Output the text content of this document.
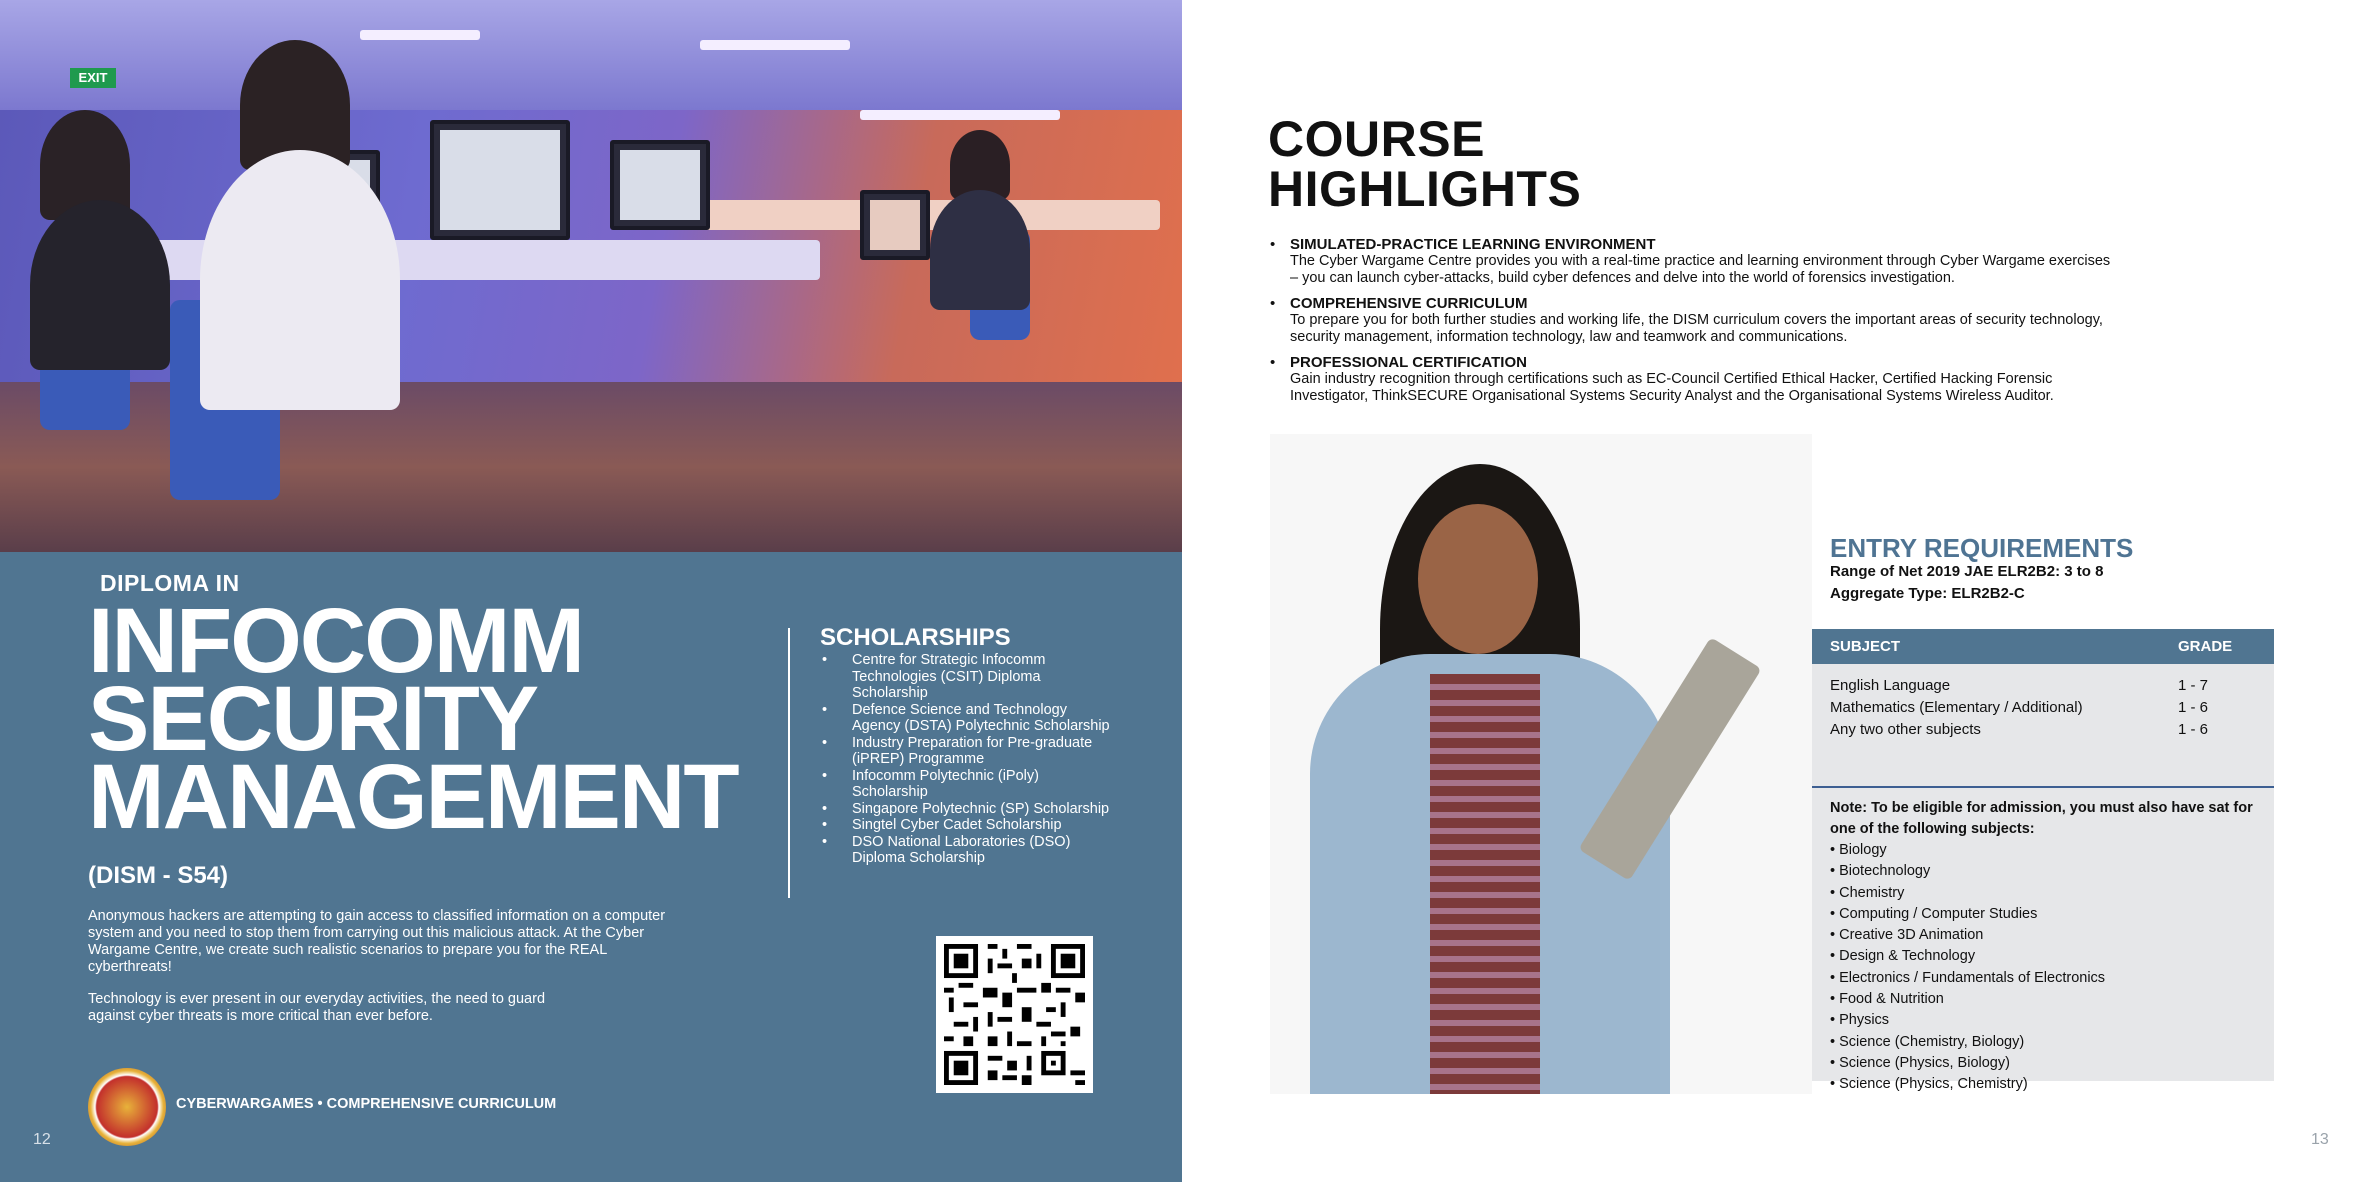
EXIT
DIPLOMA IN
INFOCOMM
SECURITY
MANAGEMENT
(DISM - S54)

Anonymous hackers are attempting to gain access to classified information on a computer system and you need to stop them from carrying out this malicious attack. At the Cyber Wargame Centre, we create such realistic scenarios to prepare you for the REAL cyberthreats!

Technology is ever present in our everyday activities, the need to guard against cyber threats is more critical than ever before.

SCHOLARSHIPS
• Centre for Strategic Infocomm Technologies (CSIT) Diploma Scholarship
• Defence Science and Technology Agency (DSTA) Polytechnic Scholarship
• Industry Preparation for Pre-graduate (iPREP) Programme
• Infocomm Polytechnic (iPoly) Scholarship
• Singapore Polytechnic (SP) Scholarship
• Singtel Cyber Cadet Scholarship
• DSO National Laboratories (DSO) Diploma Scholarship
CYBERWARGAMES • COMPREHENSIVE CURRICULUM
12
COURSE
HIGHLIGHTS
• SIMULATED-PRACTICE LEARNING ENVIRONMENT
The Cyber Wargame Centre provides you with a real-time practice and learning environment through Cyber Wargame exercises – you can launch cyber-attacks, build cyber defences and delve into the world of forensics investigation.
• COMPREHENSIVE CURRICULUM
To prepare you for both further studies and working life, the DISM curriculum covers the important areas of security technology, security management, information technology, law and teamwork and communications.
• PROFESSIONAL CERTIFICATION
Gain industry recognition through certifications such as EC-Council Certified Ethical Hacker, Certified Hacking Forensic Investigator, ThinkSECURE Organisational Systems Security Analyst and the Organisational Systems Wireless Auditor.
ENTRY REQUIREMENTS
Range of Net 2019 JAE ELR2B2: 3 to 8
Aggregate Type: ELR2B2-C
SUBJECT	GRADE
English Language	1 - 7
Mathematics (Elementary / Additional)	1 - 6
Any two other subjects	1 - 6
Note: To be eligible for admission, you must also have sat for one of the following subjects:
• Biology
• Biotechnology
• Chemistry
• Computing / Computer Studies
• Creative 3D Animation
• Design & Technology
• Electronics / Fundamentals of Electronics
• Food & Nutrition
• Physics
• Science (Chemistry, Biology)
• Science (Physics, Biology)
• Science (Physics, Chemistry)
13
